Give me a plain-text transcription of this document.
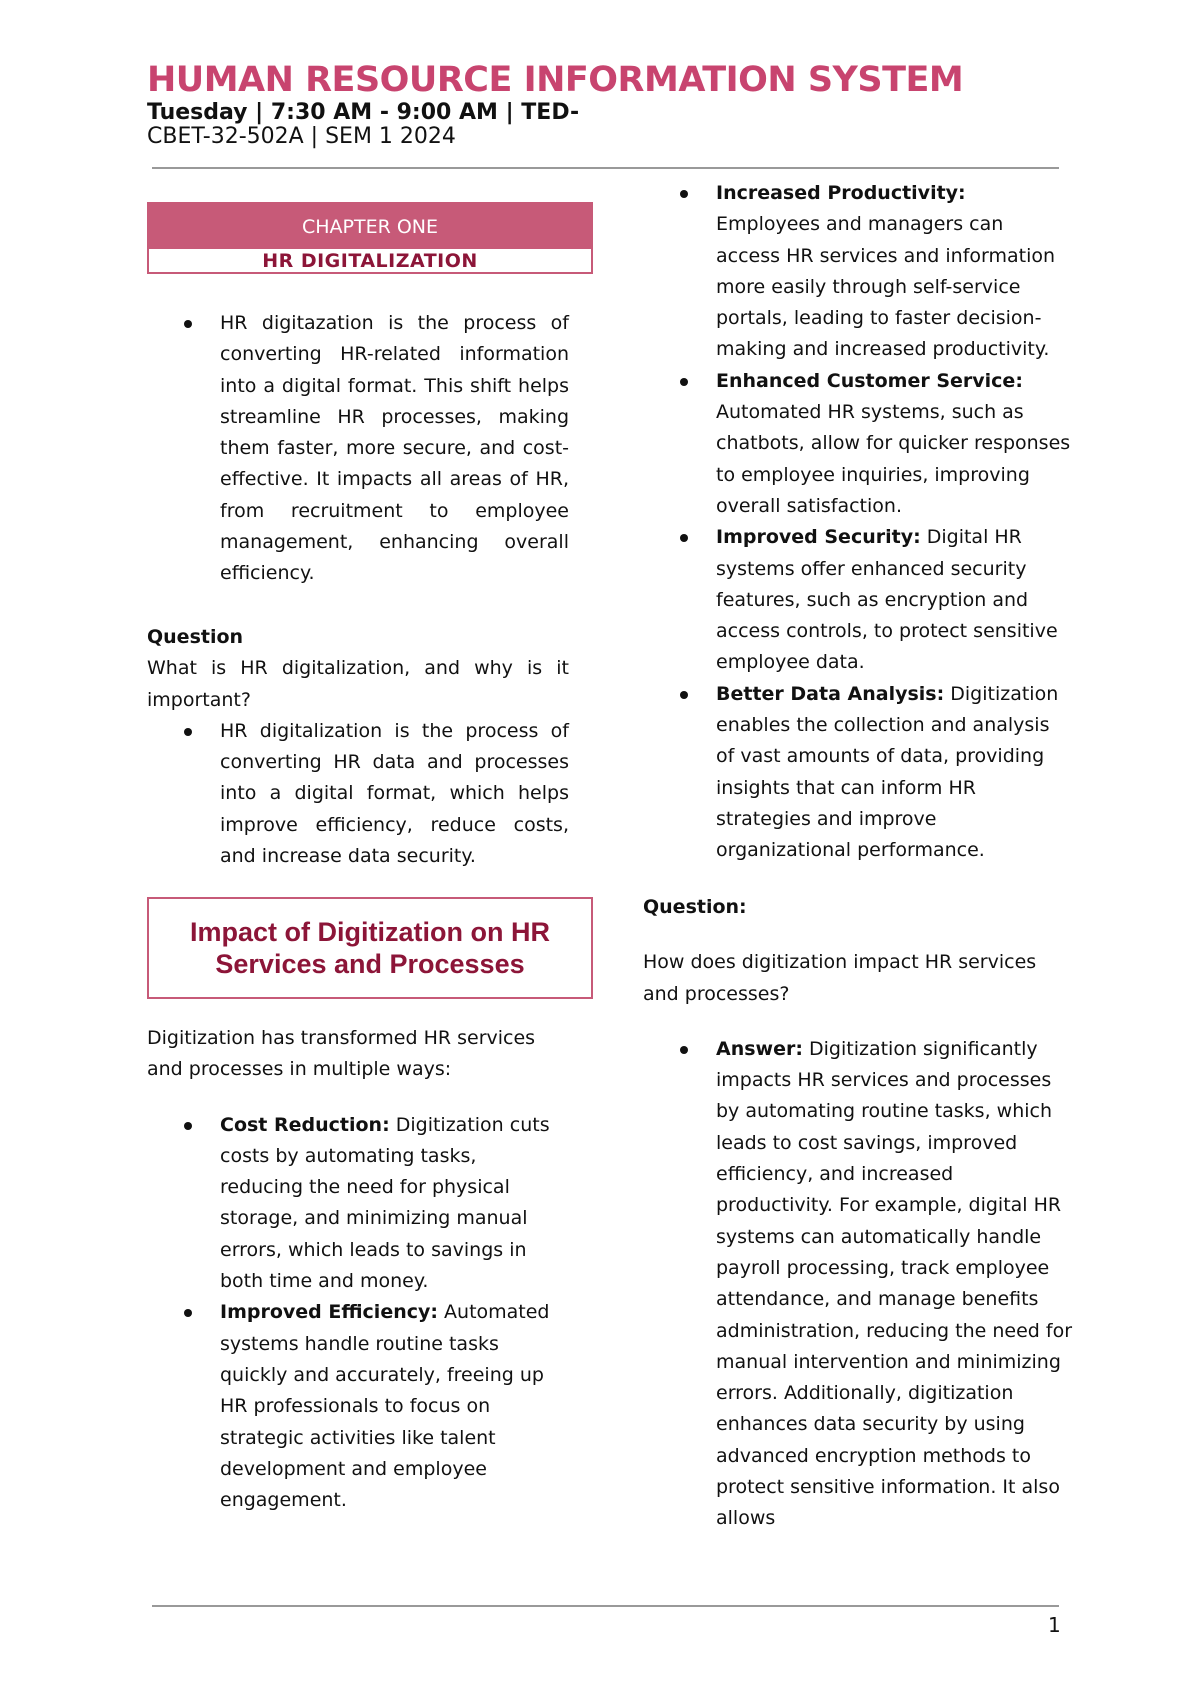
HUMAN RESOURCE INFORMATION SYSTEM
Tuesday | 7:30 AM - 9:00 AM | TED-
CBET-32-502A | SEM 1 2024
CHAPTER ONE
HR DIGITALIZATION
HR digitazation is the process of converting HR-related information into a digital format. This shift helps streamline HR processes, making them faster, more secure, and cost-effective. It impacts all areas of HR, from recruitment to employee management, enhancing overall efficiency.

Question

What is HR digitalization, and why is it important?

HR digitalization is the process of converting HR data and processes into a digital format, which helps improve efficiency, reduce costs, and increase data security.
Impact of Digitization on HR Services and Processes

Digitization has transformed HR services and processes in multiple ways:

Cost Reduction: Digitization cuts costs by automating tasks, reducing the need for physical storage, and minimizing manual errors, which leads to savings in both time and money.
Improved Efficiency: Automated systems handle routine tasks quickly and accurately, freeing up HR professionals to focus on strategic activities like talent development and employee engagement.
Increased Productivity: Employees and managers can access HR services and information more easily through self-service portals, leading to faster decision-making and increased productivity.
Enhanced Customer Service: Automated HR systems, such as chatbots, allow for quicker responses to employee inquiries, improving overall satisfaction.
Improved Security: Digital HR systems offer enhanced security features, such as encryption and access controls, to protect sensitive employee data.
Better Data Analysis: Digitization enables the collection and analysis of vast amounts of data, providing insights that can inform HR strategies and improve organizational performance.

Question:

How does digitization impact HR services and processes?

Answer: Digitization significantly impacts HR services and processes by automating routine tasks, which leads to cost savings, improved efficiency, and increased productivity. For example, digital HR systems can automatically handle payroll processing, track employee attendance, and manage benefits administration, reducing the need for manual intervention and minimizing errors. Additionally, digitization enhances data security by using advanced encryption methods to protect sensitive information. It also allows
1
